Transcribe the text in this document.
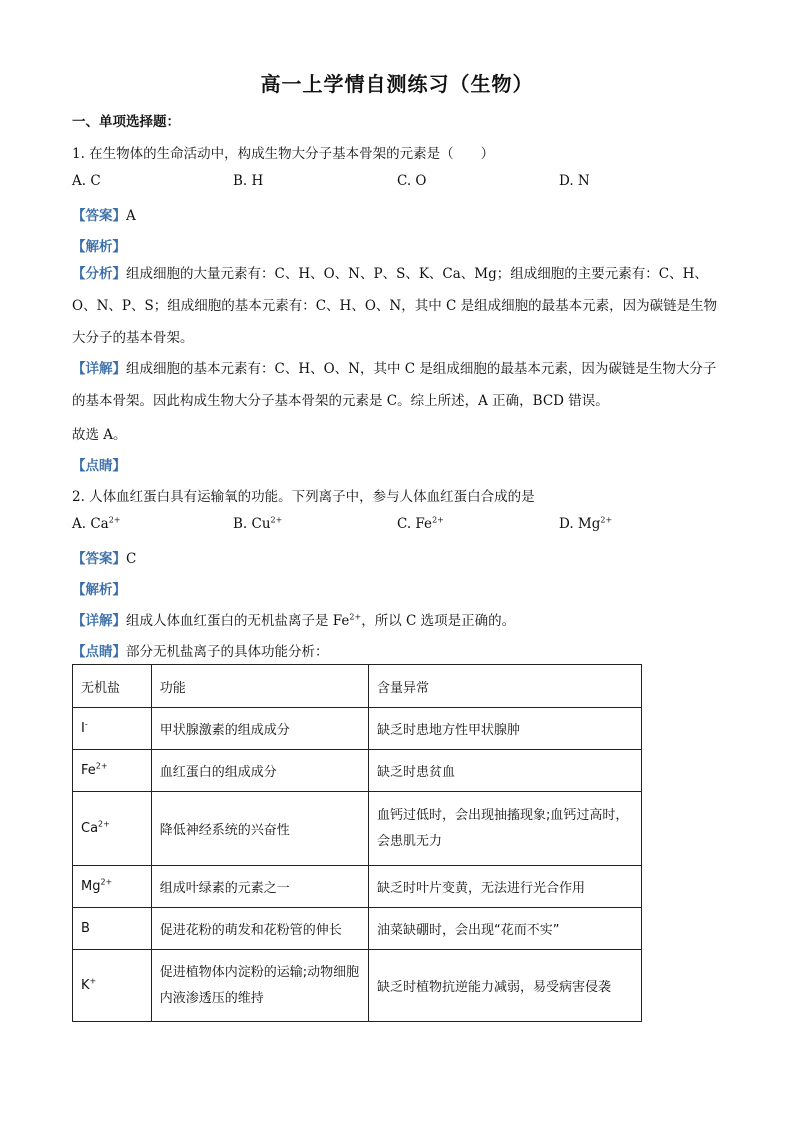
高一上学情自测练习（生物）
一、单项选择题：
1. 在生物体的生命活动中，构成生物大分子基本骨架的元素是（　　）
A. C	B. H	C. O	D. N
【答案】A
【解析】
【分析】组成细胞的大量元素有：C、H、O、N、P、S、K、Ca、Mg；组成细胞的主要元素有：C、H、O、N、P、S；组成细胞的基本元素有：C、H、O、N，其中 C 是组成细胞的最基本元素，因为碳链是生物大分子的基本骨架。
【详解】组成细胞的基本元素有：C、H、O、N，其中 C 是组成细胞的最基本元素，因为碳链是生物大分子的基本骨架。因此构成生物大分子基本骨架的元素是 C。综上所述，A 正确，BCD 错误。
故选 A。
【点睛】
2. 人体血红蛋白具有运输氧的功能。下列离子中，参与人体血红蛋白合成的是
A. $Ca^{2+}$	B. $Cu^{2+}$	C. $Fe^{2+}$	D. $Mg^{2+}$
【答案】C
【解析】
【详解】组成人体血红蛋白的无机盐离子是 $Fe^{2+}$，所以 C 选项是正确的。
【点睛】部分无机盐离子的具体功能分析：
无机盐	功能	含量异常
I-	甲状腺激素的组成成分	缺乏时患地方性甲状腺肿
$Fe^{2+}$	血红蛋白的组成成分	缺乏时患贫血
$Ca^{2+}$	降低神经系统的兴奋性	血钙过低时，会出现抽搐现象;血钙过高时，会患肌无力
$Mg^{2+}$	组成叶绿素的元素之一	缺乏时叶片变黄，无法进行光合作用
B	促进花粉的萌发和花粉管的伸长	油菜缺硼时，会出现“花而不实”
K+	促进植物体内淀粉的运输;动物细胞内液渗透压的维持	缺乏时植物抗逆能力减弱，易受病害侵袭
